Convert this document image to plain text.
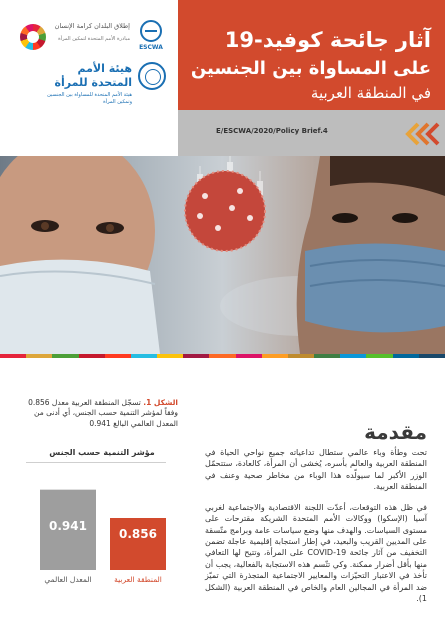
إطلاق البلدان كرامة الإنسان
مبادرة الأمم المتحدة لتمكين المرأة
ESCWA
هيئة الأمم
المتحدة للمرأة
هيئة الأمم المتحدة للمساواة بين الجنسين وتمكين المرأة
آثار جائحة كوفيد-19
على المساواة بين الجنسين
في المنطقة العربية
E/ESCWA/2020/Policy Brief.4
الشكل 1. تسجّل المنطقة العربية معدل 0.856 وفقاً لمؤشر التنمية حسب الجنس، أي أدنى من المعدل العالمي البالغ 0.941
مؤشر التنمية حسب الجنس
0.941
المعدل العالمي
0.856
المنطقة العربية
مقدمة
تحت وطأة وباء عالمي ستطال تداعياته جميع نواحي الحياة في المنطقة العربية والعالم بأسره، يُخشى أن المرأة، كالعادة، ستتحمّل الوزر الأكبر لما سيولّده هذا الوباء من مخاطر صحية وعنف في المنطقة العربية.
في ظل هذه التوقعات، أعدّت اللجنة الاقتصادية والاجتماعية لغربي آسيا (الإسكوا) ووكالات الأمم المتحدة الشريكة مقترحات على مستوى السياسات. والهدف منها وضع سياسات عامة وبرامج متّسقة على المديين القريب والبعيد، في إطار استجابة إقليمية عاجلة تضمن التخفيف من آثار جائحة COVID-19 على المرأة، وتتيح لها التعافي منها بأقل أضرار ممكنة. وكي تتّسم هذه الاستجابة بالفعالية، يجب أن تأخذ في الاعتبار التحيّزات والمعايير الاجتماعية المتجذرة التي تميّز ضد المرأة في المجالين العام والخاص في المنطقة العربية (الشكل 1).
